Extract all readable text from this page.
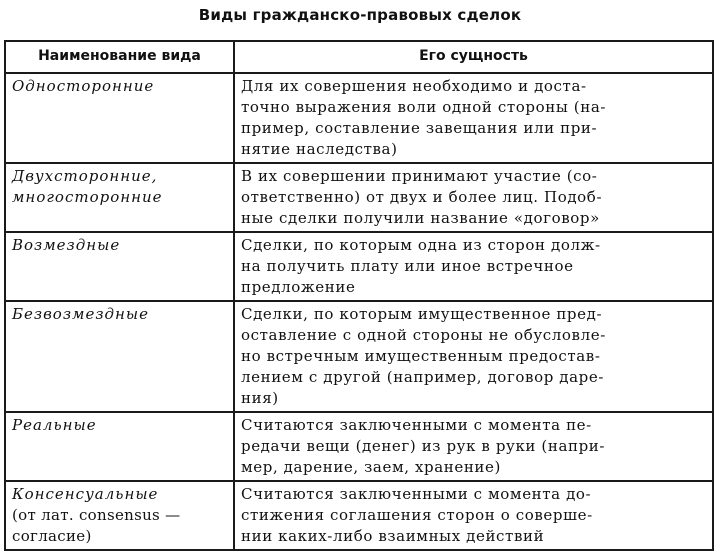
Виды гражданско-правовых сделок
Наименование вида	Его сущность

Односторонние	Для их совершения необходимо и доста-
точно выражения воли одной стороны (на-
пример, составление завещания или при-
нятие наследства)

Двухсторонние,
многосторонние	В их совершении принимают участие (со-
ответственно) от двух и более лиц. Подоб-
ные сделки получили название «договор»

Возмездные	Сделки, по которым одна из сторон долж-
на получить плату или иное встречное
предложение

Безвозмездные	Сделки, по которым имущественное пред-
оставление с одной стороны не обусловле-
но встречным имущественным предостав-
лением с другой (например, договор даре-
ния)

Реальные	Считаются заключенными с момента пе-
редачи вещи (денег) из рук в руки (напри-
мер, дарение, заем, хранение)

Консенсуальные
(от лат. consensus —
согласие)	Считаются заключенными с момента до-
стижения соглашения сторон о соверше-
нии каких-либо взаимных действий
